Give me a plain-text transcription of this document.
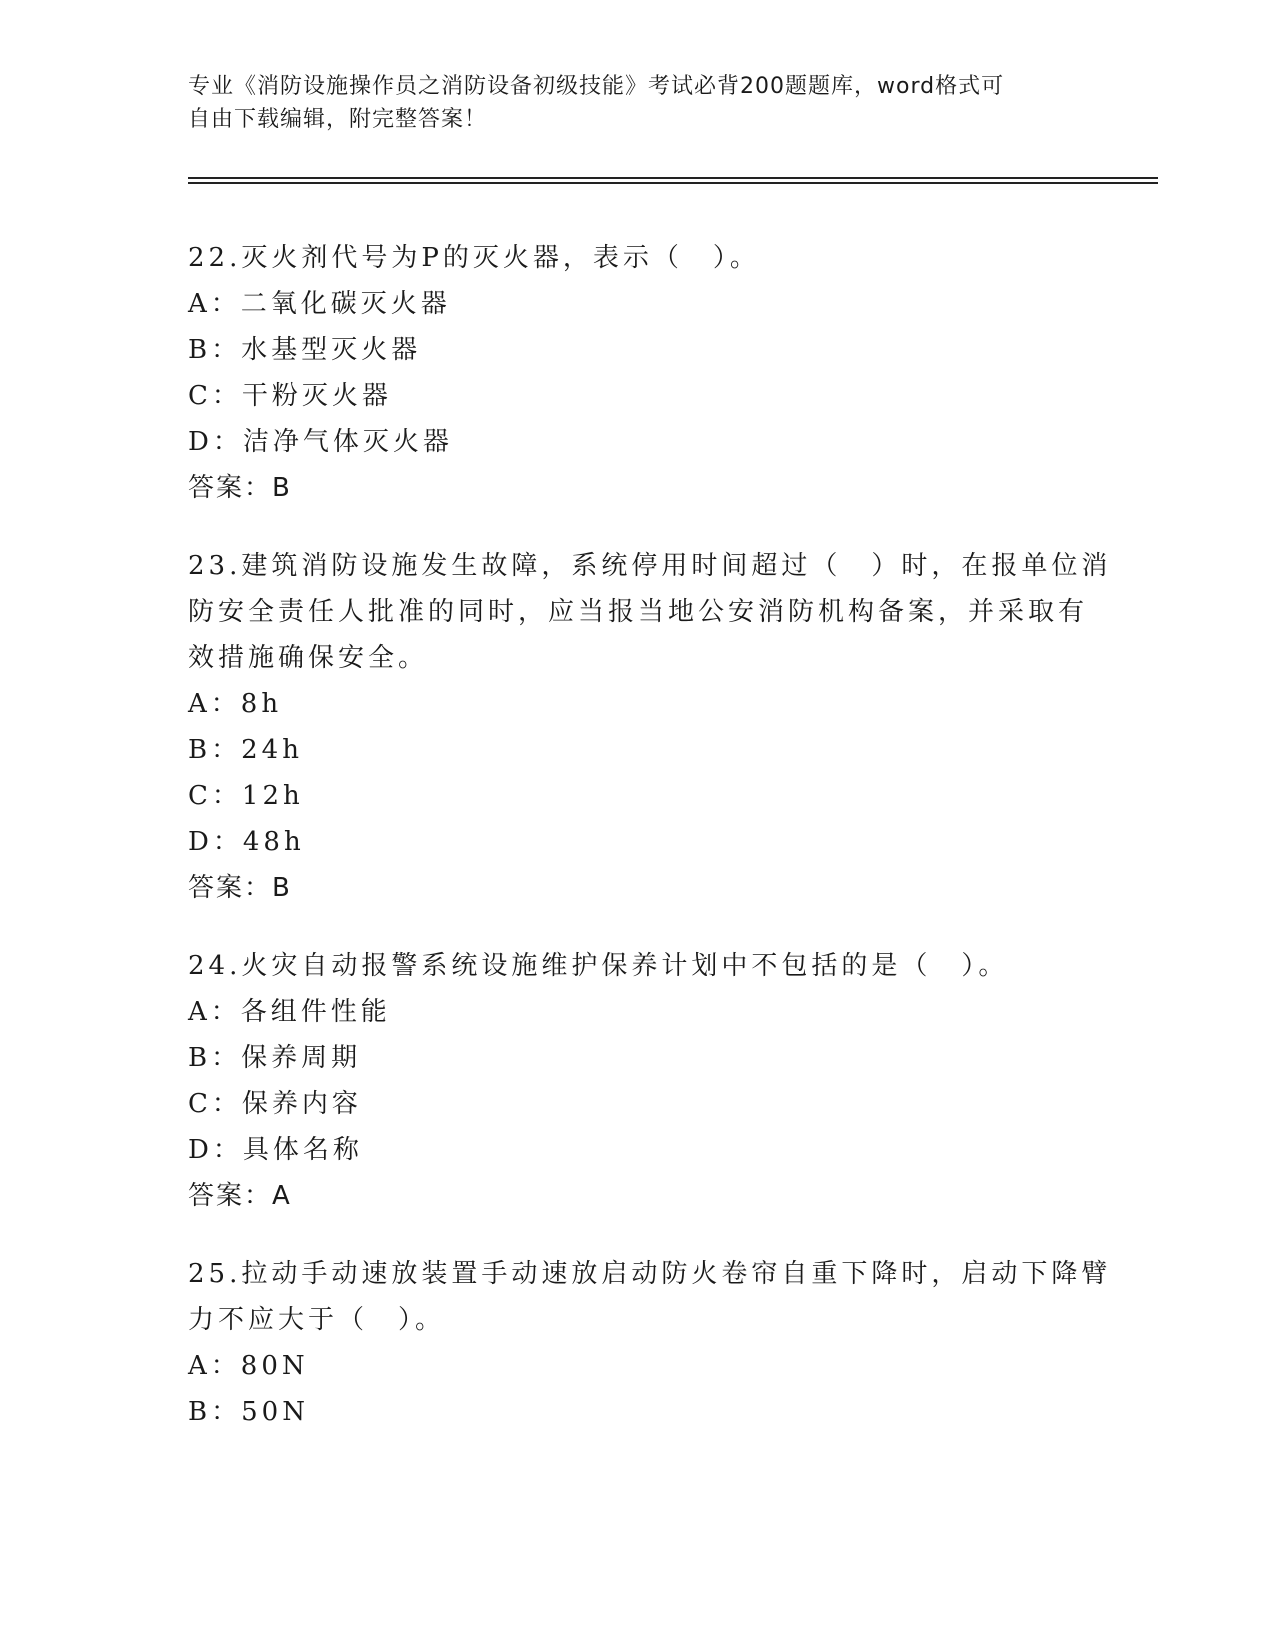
专业《消防设施操作员之消防设备初级技能》考试必背200题题库，word格式可
自由下载编辑，附完整答案！
22.灭火剂代号为P的灭火器，表示（　）。
A： 二氧化碳灭火器
B： 水基型灭火器
C： 干粉灭火器
D： 洁净气体灭火器
答案：B
23.建筑消防设施发生故障，系统停用时间超过（　）时，在报单位消
防安全责任人批准的同时，应当报当地公安消防机构备案，并采取有
效措施确保安全。
A： 8h
B： 24h
C： 12h
D： 48h
答案：B
24.火灾自动报警系统设施维护保养计划中不包括的是（　）。
A： 各组件性能
B： 保养周期
C： 保养内容
D： 具体名称
答案：A
25.拉动手动速放装置手动速放启动防火卷帘自重下降时，启动下降臂
力不应大于（　）。
A： 80N
B： 50N
